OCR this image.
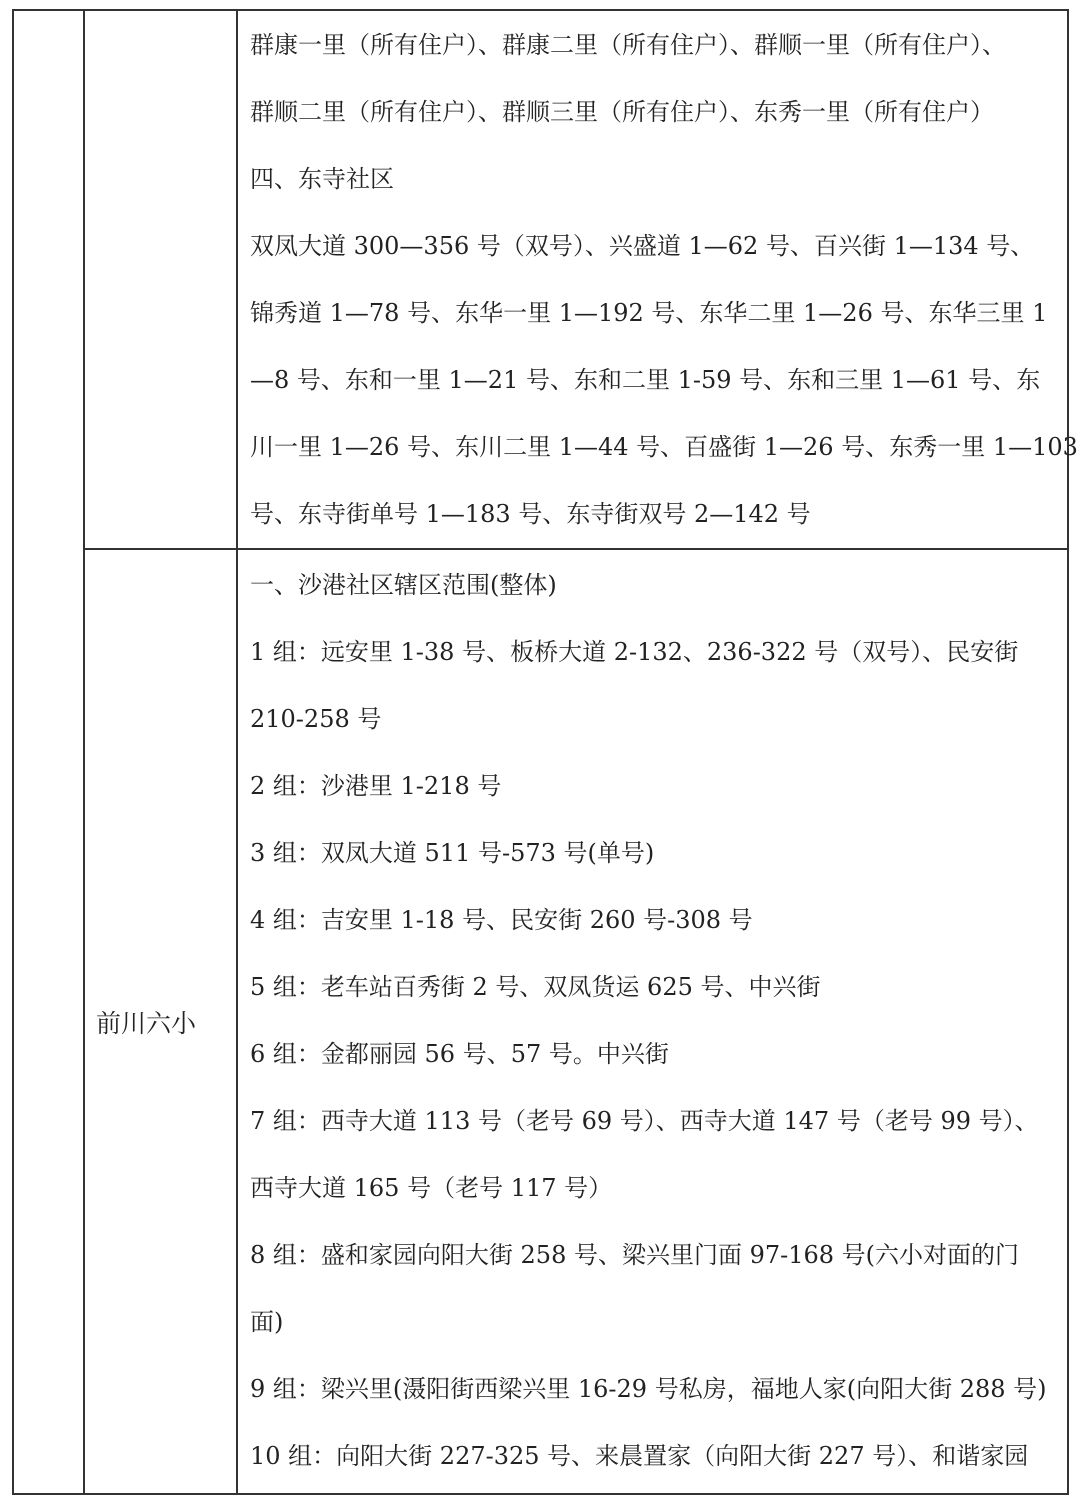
群康一里（所有住户）、群康二里（所有住户）、群顺一里（所有住户）、
群顺二里（所有住户）、群顺三里（所有住户）、东秀一里（所有住户）
四、东寺社区
双凤大道 300—356 号（双号）、兴盛道 1—62 号、百兴街 1—134 号、
锦秀道 1—78 号、东华一里 1—192 号、东华二里 1—26 号、东华三里 1
—8 号、东和一里 1—21 号、东和二里 1-59 号、东和三里 1—61 号、东
川一里 1—26 号、东川二里 1—44 号、百盛街 1—26 号、东秀一里 1—103
号、东寺街单号 1—183 号、东寺街双号 2—142 号
前川六小
一、沙港社区辖区范围(整体)
1 组：远安里 1-38 号、板桥大道 2-132、236-322 号（双号）、民安街
210-258 号
2 组：沙港里 1-218 号
3 组：双凤大道 511 号-573 号(单号)
4 组：吉安里 1-18 号、民安街 260 号-308 号
5 组：老车站百秀街 2 号、双凤货运 625 号、中兴街
6 组：金都丽园 56 号、57 号。中兴街
7 组：西寺大道 113 号（老号 69 号）、西寺大道 147 号（老号 99 号）、
西寺大道 165 号（老号 117 号）
8 组：盛和家园向阳大街 258 号、梁兴里门面 97-168 号(六小对面的门
面)
9 组：梁兴里(滠阳街西梁兴里 16-29 号私房，福地人家(向阳大街 288 号)
10 组：向阳大街 227-325 号、来晨置家（向阳大街 227 号）、和谐家园
